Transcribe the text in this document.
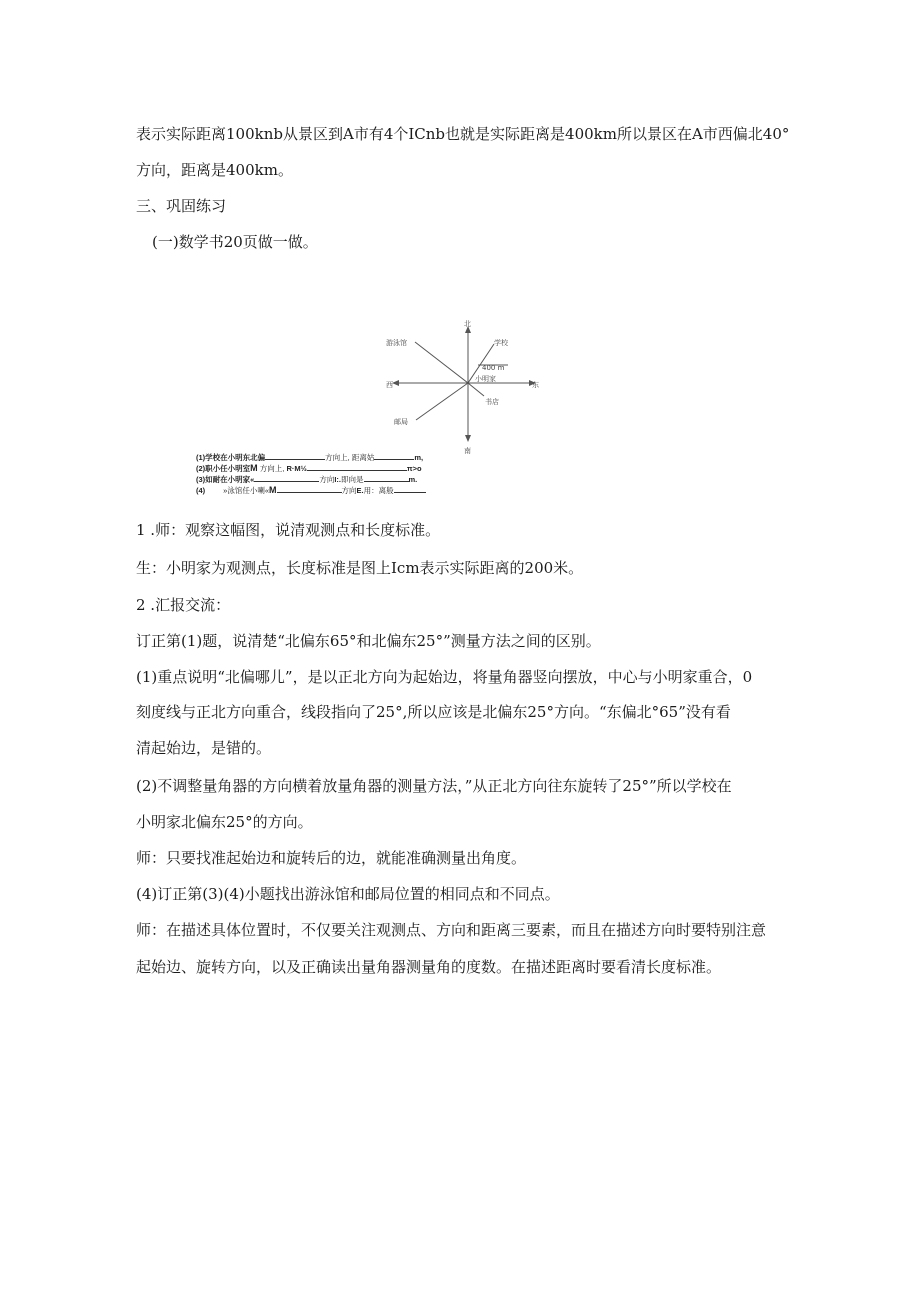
表示实际距离100knb从景区到A市有4个ICnb也就是实际距离是400km所以景区在A市西偏北40°
方向，距离是400km。
三、巩固练习
(一)数学书20页做一做。
北
南
东
西
学校
游泳馆
400 m
小明家
书店
邮局
(1)学校在小明东北偏	方向上, 距离姑	m,
(2)职小任小明室M 方向上, R·M½	π>o
(3)如耐在小明家«	方向I:.即向是	m.
(4) »泳馆任小喇«M	方向E.用：离般
1 .师：观察这幅图，说清观测点和长度标准。
生：小明家为观测点，长度标准是图上Icm表示实际距离的200米。
2 .汇报交流：
订正第(1)题，说清楚“北偏东65°和北偏东25°”测量方法之间的区别。
(1)重点说明“北偏哪儿”，是以正北方向为起始边，将量角器竖向摆放，中心与小明家重合，0
刻度线与正北方向重合，线段指向了25°,所以应该是北偏东25°方向。“东偏北°65”没有看
清起始边，是错的。
(2)不调整量角器的方向横着放量角器的测量方法，”从正北方向往东旋转了25°”所以学校在
小明家北偏东25°的方向。
师：只要找准起始边和旋转后的边，就能准确测量出角度。
(4)订正第(3)(4)小题找出游泳馆和邮局位置的相同点和不同点。
师：在描述具体位置时，不仅要关注观测点、方向和距离三要素，而且在描述方向时要特别注意
起始边、旋转方向，以及正确读出量角器测量角的度数。在描述距离时要看清长度标准。
